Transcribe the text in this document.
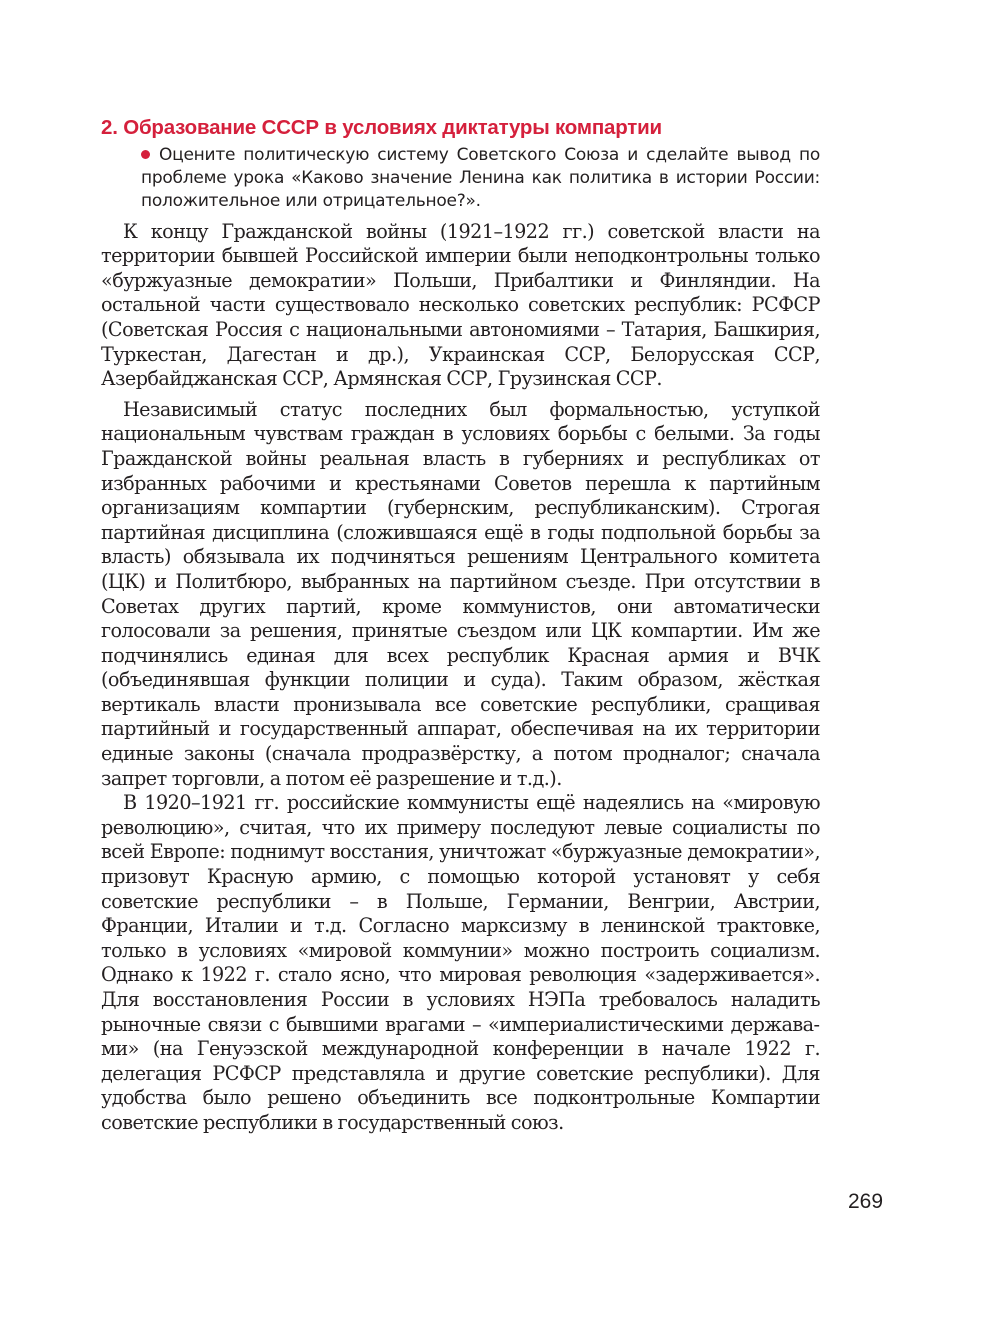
2. Образование СССР в условиях диктатуры компартии
Оцените политическую систему Советского Союза и сделайте вывод по проблеме урока «Каково значение Ленина как политика в истории России: положительное или отрицательное?».

К концу Гражданской войны (1921–1922 гг.) советской власти на территории бывшей Российской империи были неподконтрольны только «буржуазные демократии» Польши, Прибалтики и Финляндии. На остальной части существовало несколько советских республик: РСФСР (Советская Россия с национальными автономиями – Татария, Башкирия, Туркестан, Дагестан и др.), Украинская ССР, Белорусская ССР, Азербайджанская ССР, Армянская ССР, Грузинская ССР.

Независимый статус последних был формальностью, уступкой национальным чувствам граждан в условиях борьбы с белыми. За годы Гражданской войны реальная власть в губерниях и республиках от избранных рабочими и крестьянами Советов перешла к партийным организациям компартии (губернским, республиканским). Строгая партийная дисциплина (сложившаяся ещё в годы подпольной борьбы за власть) обязывала их подчиняться решениям Центрального комитета (ЦК) и Политбюро, выбранных на партийном съезде. При отсутствии в Советах других партий, кроме коммунистов, они автоматически голосовали за решения, принятые съездом или ЦК компартии. Им же подчинялись единая для всех республик Красная армия и ВЧК (объединявшая функции полиции и суда). Таким образом, жёсткая вертикаль власти пронизывала все советские республики, сращивая партийный и государственный аппарат, обеспечивая на их территории единые законы (сначала продразвёрстку, а потом продналог; сначала запрет торговли, а потом её разрешение и т.д.).

В 1920–1921 гг. российские коммунисты ещё надеялись на «мировую революцию», считая, что их примеру последуют левые социалисты по всей Европе: поднимут восстания, уничтожат «буржуазные демократии», призовут Красную армию, с помощью которой установят у себя советские республики – в Польше, Германии, Венгрии, Австрии, Франции, Италии и т.д. Согласно марксизму в ленинской трактовке, только в условиях «мировой коммунии» можно построить социализм. Однако к 1922 г. стало ясно, что мировая революция «задерживается». Для восстановления России в условиях НЭПа требовалось наладить рыночные связи с бывшими врагами – «империалистическими державами» (на Генуэзской международной конференции в начале 1922 г. делегация РСФСР представляла и другие советские республики). Для удобства было решено объединить все подконтрольные Компартии советские республики в государственный союз.

269
